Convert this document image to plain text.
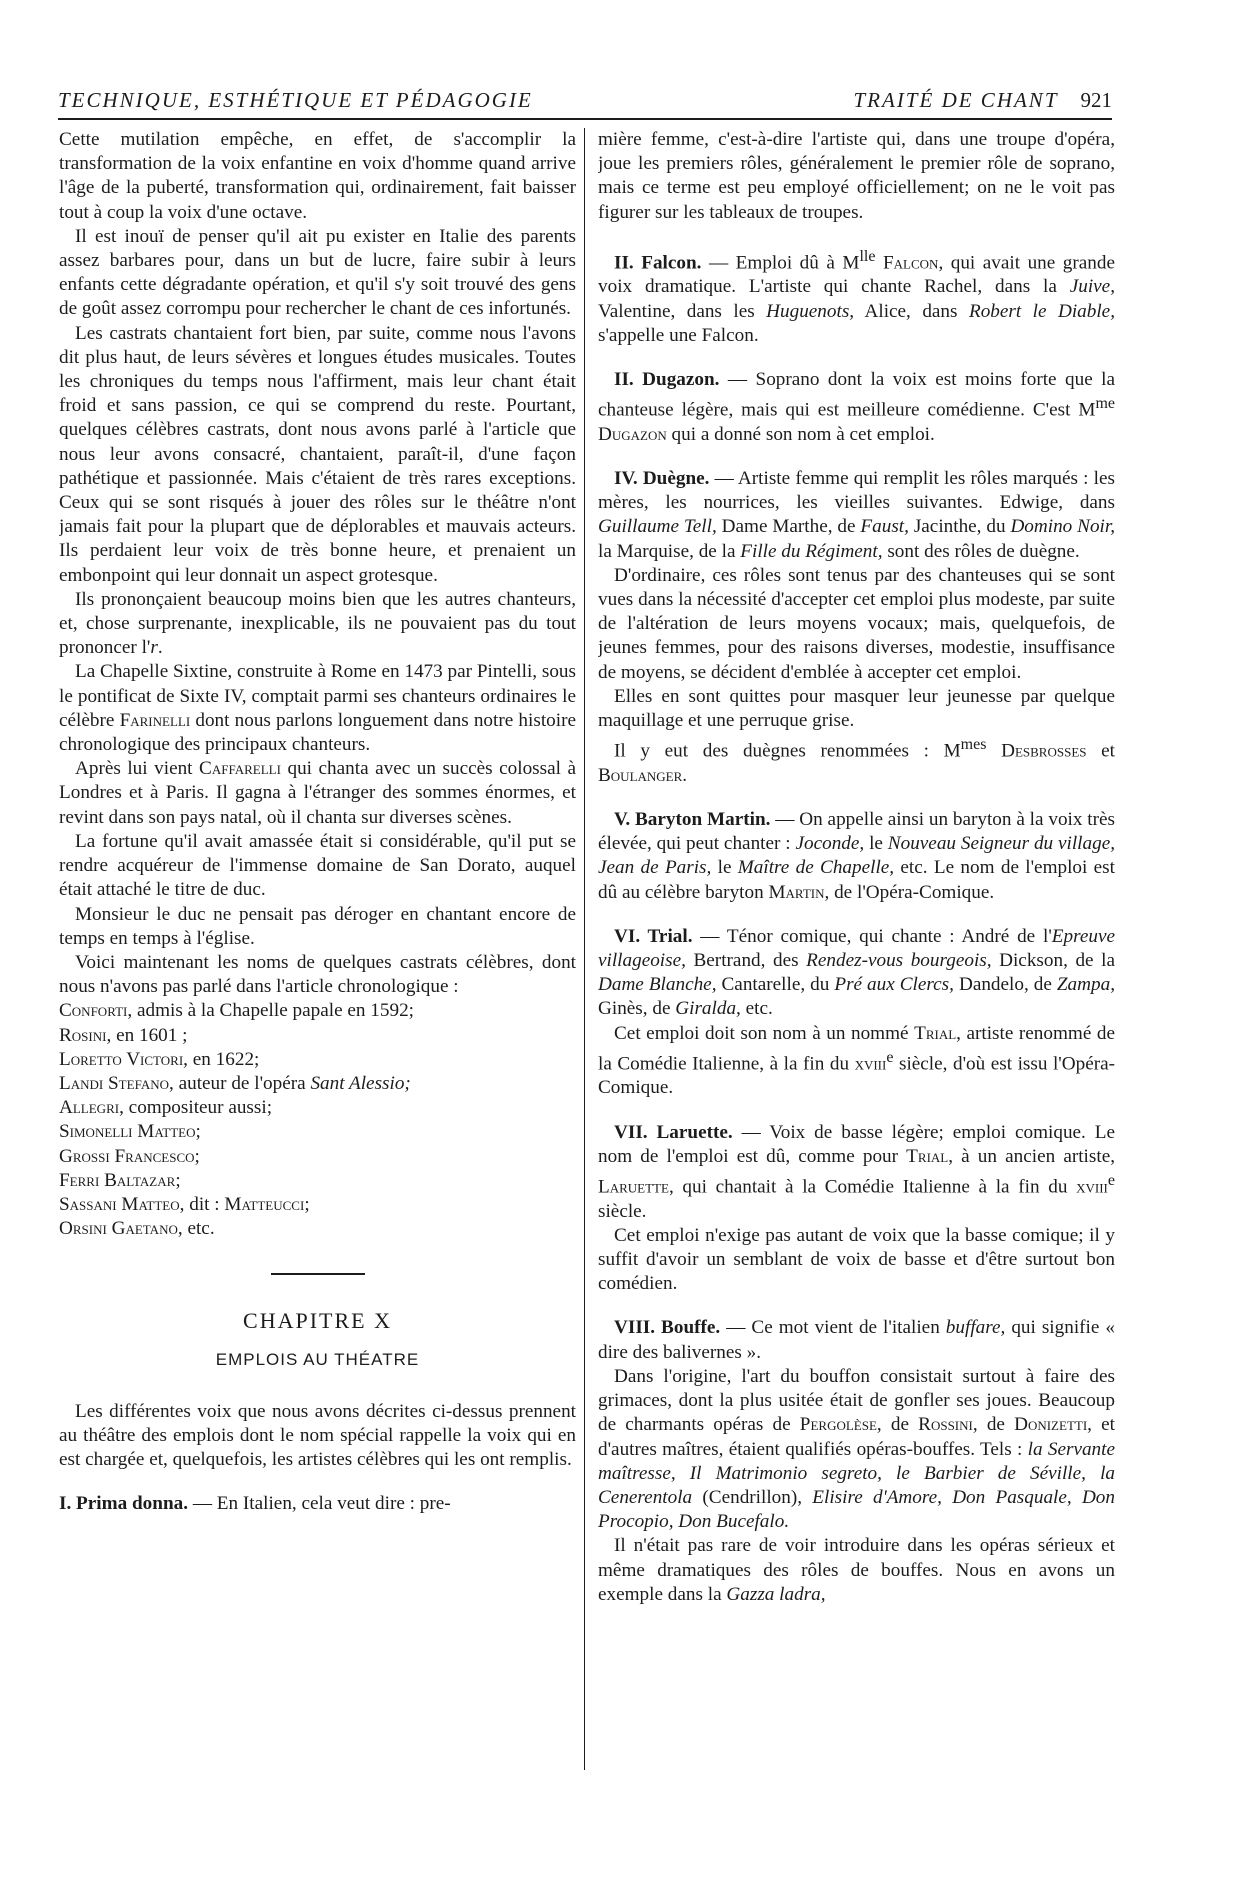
TECHNIQUE, ESTHÉTIQUE ET PÉDAGOGIE	TRAITÉ DE CHANT 921

Cette mutilation empêche, en effet, de s'accomplir la transformation de la voix enfantine en voix d'homme quand arrive l'âge de la puberté, transformation qui, ordinairement, fait baisser tout à coup la voix d'une octave.

Il est inouï de penser qu'il ait pu exister en Italie des parents assez barbares pour, dans un but de lucre, faire subir à leurs enfants cette dégradante opération, et qu'il s'y soit trouvé des gens de goût assez corrompu pour rechercher le chant de ces infortunés.

Les castrats chantaient fort bien, par suite, comme nous l'avons dit plus haut, de leurs sévères et longues études musicales. Toutes les chroniques du temps nous l'affirment, mais leur chant était froid et sans passion, ce qui se comprend du reste. Pourtant, quelques célèbres castrats, dont nous avons parlé à l'article que nous leur avons consacré, chantaient, paraît-il, d'une façon pathétique et passionnée. Mais c'étaient de très rares exceptions. Ceux qui se sont risqués à jouer des rôles sur le théâtre n'ont jamais fait pour la plupart que de déplorables et mauvais acteurs. Ils perdaient leur voix de très bonne heure, et prenaient un embonpoint qui leur donnait un aspect grotesque.

Ils prononçaient beaucoup moins bien que les autres chanteurs, et, chose surprenante, inexplicable, ils ne pouvaient pas du tout prononcer l'r.

La Chapelle Sixtine, construite à Rome en 1473 par Pintelli, sous le pontificat de Sixte IV, comptait parmi ses chanteurs ordinaires le célèbre Farinelli dont nous parlons longuement dans notre histoire chronologique des principaux chanteurs.

Après lui vient Caffarelli qui chanta avec un succès colossal à Londres et à Paris. Il gagna à l'étranger des sommes énormes, et revint dans son pays natal, où il chanta sur diverses scènes.

La fortune qu'il avait amassée était si considérable, qu'il put se rendre acquéreur de l'immense domaine de San Dorato, auquel était attaché le titre de duc.

Monsieur le duc ne pensait pas déroger en chantant encore de temps en temps à l'église.

Voici maintenant les noms de quelques castrats célèbres, dont nous n'avons pas parlé dans l'article chronologique :

Conforti, admis à la Chapelle papale en 1592;

Rosini, en 1601 ;

Loretto Victori, en 1622;

Landi Stefano, auteur de l'opéra Sant Alessio;

Allegri, compositeur aussi;

Simonelli Matteo;

Grossi Francesco;

Ferri Baltazar;

Sassani Matteo, dit : Matteucci;

Orsini Gaetano, etc.

CHAPITRE X
EMPLOIS AU THÉATRE

Les différentes voix que nous avons décrites ci-dessus prennent au théâtre des emplois dont le nom spécial rappelle la voix qui en est chargée et, quelquefois, les artistes célèbres qui les ont remplis.

I. Prima donna. — En Italien, cela veut dire : pre-

mière femme, c'est-à-dire l'artiste qui, dans une troupe d'opéra, joue les premiers rôles, généralement le premier rôle de soprano, mais ce terme est peu employé officiellement; on ne le voit pas figurer sur les tableaux de troupes.

II. Falcon. — Emploi dû à $M^{lle}$ Falcon, qui avait une grande voix dramatique. L'artiste qui chante Rachel, dans la Juive, Valentine, dans les Huguenots, Alice, dans Robert le Diable, s'appelle une Falcon.

II. Dugazon. — Soprano dont la voix est moins forte que la chanteuse légère, mais qui est meilleure comédienne. C'est $M^{me}$ Dugazon qui a donné son nom à cet emploi.

IV. Duègne. — Artiste femme qui remplit les rôles marqués : les mères, les nourrices, les vieilles suivantes. Edwige, dans Guillaume Tell, Dame Marthe, de Faust, Jacinthe, du Domino Noir, la Marquise, de la Fille du Régiment, sont des rôles de duègne.

D'ordinaire, ces rôles sont tenus par des chanteuses qui se sont vues dans la nécessité d'accepter cet emploi plus modeste, par suite de l'altération de leurs moyens vocaux; mais, quelquefois, de jeunes femmes, pour des raisons diverses, modestie, insuffisance de moyens, se décident d'emblée à accepter cet emploi.

Elles en sont quittes pour masquer leur jeunesse par quelque maquillage et une perruque grise.

Il y eut des duègnes renommées : $M^{mes}$ Desbrosses et Boulanger.

V. Baryton Martin. — On appelle ainsi un baryton à la voix très élevée, qui peut chanter : Joconde, le Nouveau Seigneur du village, Jean de Paris, le Maître de Chapelle, etc. Le nom de l'emploi est dû au célèbre baryton Martin, de l'Opéra-Comique.

VI. Trial. — Ténor comique, qui chante : André de l'Epreuve villageoise, Bertrand, des Rendez-vous bourgeois, Dickson, de la Dame Blanche, Cantarelle, du Pré aux Clercs, Dandelo, de Zampa, Ginès, de Giralda, etc.

Cet emploi doit son nom à un nommé Trial, artiste renommé de la Comédie Italienne, à la fin du xviii$^e$ siècle, d'où est issu l'Opéra-Comique.

VII. Laruette. — Voix de basse légère; emploi comique. Le nom de l'emploi est dû, comme pour Trial, à un ancien artiste, Laruette, qui chantait à la Comédie Italienne à la fin du xviii$^e$ siècle.

Cet emploi n'exige pas autant de voix que la basse comique; il y suffit d'avoir un semblant de voix de basse et d'être surtout bon comédien.

VIII. Bouffe. — Ce mot vient de l'italien buffare, qui signifie « dire des balivernes ».

Dans l'origine, l'art du bouffon consistait surtout à faire des grimaces, dont la plus usitée était de gonfler ses joues. Beaucoup de charmants opéras de Pergolèse, de Rossini, de Donizetti, et d'autres maîtres, étaient qualifiés opéras-bouffes. Tels : la Servante maîtresse, Il Matrimonio segreto, le Barbier de Séville, la Cenerentola (Cendrillon), Elisire d'Amore, Don Pasquale, Don Procopio, Don Bucefalo.

Il n'était pas rare de voir introduire dans les opéras sérieux et même dramatiques des rôles de bouffes. Nous en avons un exemple dans la Gazza ladra,
